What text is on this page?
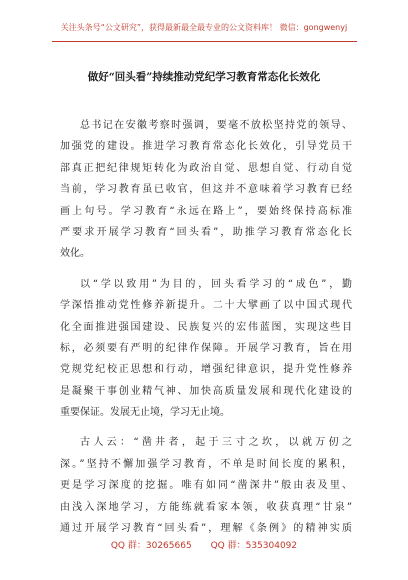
关注头条号“公文研究”，获得最新最全最专业的公文资料库！ 微信：gongwenyj
做好“回头看”持续推动党纪学习教育常态化长效化
总书记在安徽考察时强调，要毫不放松坚持党的领导、
加强党的建设。推进学习教育常态化长效化，引导党员干
部真正把纪律规矩转化为政治自觉、思想自觉、行动自觉
当前，学习教育虽已收官，但这并不意味着学习教育已经
画上句号。学习教育“永远在路上”，要始终保持高标准
严要求开展学习教育“回头看”，助推学习教育常态化长
效化。
以“学以致用”为目的，回头看学习的“成色”，勤
学深悟推动党性修养新提升。二十大擘画了以中国式现代
化全面推进强国建设、民族复兴的宏伟蓝图，实现这些目
标，必须要有严明的纪律作保障。开展学习教育，旨在用
党规党纪校正思想和行动，增强纪律意识，提升党性修养
是凝聚干事创业精气神、加快高质量发展和现代化建设的
重要保证。发展无止境，学习无止境。
古人云：“凿井者，起于三寸之坎，以就万仞之
深。”坚持不懈加强学习教育，不单是时间长度的累积，
更是学习深度的挖掘。唯有如同“凿深井”般由表及里、
由浅入深地学习，方能练就看家本领，收获真理“甘泉”
通过开展学习教育“回头看”，理解《条例》的精神实质
QQ 群：30265665 QQ 群：535304092
